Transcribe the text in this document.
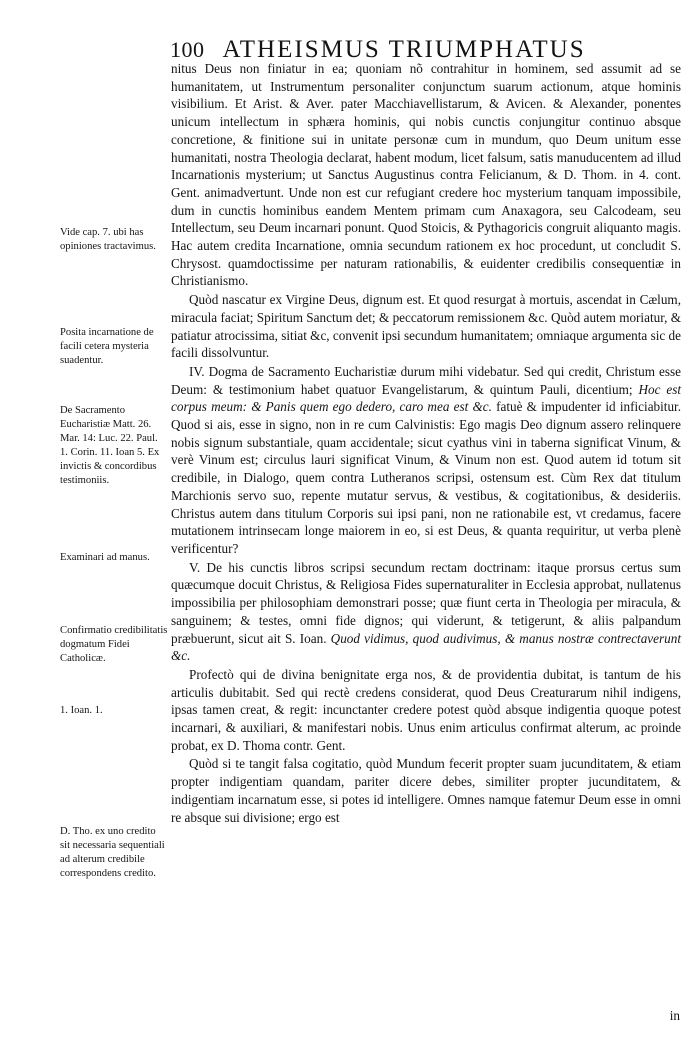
100 ATHEISMUS TRIUMPHATUS

nitus Deus non finiatur in ea; quoniam nõ contrahitur in hominem, sed assumit ad se humanitatem, ut Instrumentum personaliter conjunctum suarum actionum, atque hominis visibilium. Et Arist. & Aver. pater Macchiavellistarum, & Avicen. & Alexander, ponentes unicum intellectum in sphæra hominis, qui nobis cunctis conjungitur continuo absque concretione, & finitione sui in unitate personæ cum in mundum, quo Deum unitum esse humanitati, nostra Theologia declarat, habent modum, licet falsum, satis manuducentem ad illud Incarnationis mysterium; ut Sanctus Augustinus contra Felicianum, & D. Thom. in 4. cont. Gent. animadvertunt. Unde non est cur refugiant credere hoc mysterium tanquam impossibile, dum in cunctis hominibus eandem Mentem primam cum Anaxagora, seu Calcodeam, seu Intellectum, seu Deum incarnari ponunt. Quod Stoicis, & Pythagoricis congruit aliquanto magis. Hac autem credita Incarnatione, omnia secundum rationem ex hoc procedunt, ut concludit S. Chrysost. quamdoctissime per naturam rationabilis, & euidenter credibilis consequentiæ in Christianismo.

Quòd nascatur ex Virgine Deus, dignum est. Et quod resurgat à mortuis, ascendat in Cælum, miracula faciat; Spiritum Sanctum det; & peccatorum remissionem &c. Quòd autem moriatur, & patiatur atrocissima, sitiat &c, convenit ipsi secundum humanitatem; omniaque argumenta sic de facili dissolvuntur.

IV. Dogma de Sacramento Eucharistiæ durum mihi videbatur. Sed qui credit, Christum esse Deum: & testimonium habet quatuor Evangelistarum, & quintum Pauli, dicentium; Hoc est corpus meum: & Panis quem ego dedero, caro mea est &c. fatuè & impudenter id inficiabitur. Quod si ais, esse in signo, non in re cum Calvinistis: Ego magis Deo dignum assero relinquere nobis signum substantiale, quam accidentale; sicut cyathus vini in taberna significat Vinum, & verè Vinum est; circulus lauri significat Vinum, & Vinum non est. Quod autem id totum sit credibile, in Dialogo, quem contra Lutheranos scripsi, ostensum est. Cùm Rex dat titulum Marchionis servo suo, repente mutatur servus, & vestibus, & cogitationibus, & desideriis. Christus autem dans titulum Corporis sui ipsi pani, non ne rationabile est, vt credamus, facere mutationem intrinsecam longe maiorem in eo, si est Deus, & quanta requiritur, ut verba plenè verificentur?

V. De his cunctis libros scripsi secundum rectam doctrinam: itaque prorsus certus sum quæcumque docuit Christus, & Religiosa Fides supernaturaliter in Ecclesia approbat, nullatenus impossibilia per philosophiam demonstrari posse; quæ fiunt certa in Theologia per miracula, & sanguinem; & testes, omni fide dignos; qui viderunt, & tetigerunt, & aliis palpandum præbuerunt, sicut ait S. Ioan. Quod vidimus, quod audivimus, & manus nostræ contrectaverunt &c.

Profectò qui de divina benignitate erga nos, & de providentia dubitat, is tantum de his articulis dubitabit. Sed qui rectè credens considerat, quod Deus Creaturarum nihil indigens, ipsas tamen creat, & regit: incunctanter credere potest quòd absque indigentia quoque potest incarnari, & auxiliari, & manifestari nobis. Unus enim articulus confirmat alterum, ac proinde probat, ex D. Thoma contr. Gent.

Quòd si te tangit falsa cogitatio, quòd Mundum fecerit propter suam jucunditatem, & etiam propter indigentiam quandam, pariter dicere debes, similiter propter jucunditatem, & indigentiam incarnatum esse, si potes id intelligere. Omnes namque fatemur Deum esse in omni re absque sui divisione; ergo est

Vide cap. 7. ubi has opiniones tractavimus.
Posita incarnatione de facili cetera mysteria suadentur.
De Sacramento Eucharistiæ Matt. 26. Mar. 14: Luc. 22. Paul. 1. Corin. 11. Ioan 5. Ex invictis & concordibus testimoniis.
Examinari ad manus.
Confirmatio credibilitatis dogmatum Fidei Catholicæ.
1. Ioan. 1.
D. Tho. ex uno credito sit necessaria sequentiali ad alterum credibile correspondens credito.
in
